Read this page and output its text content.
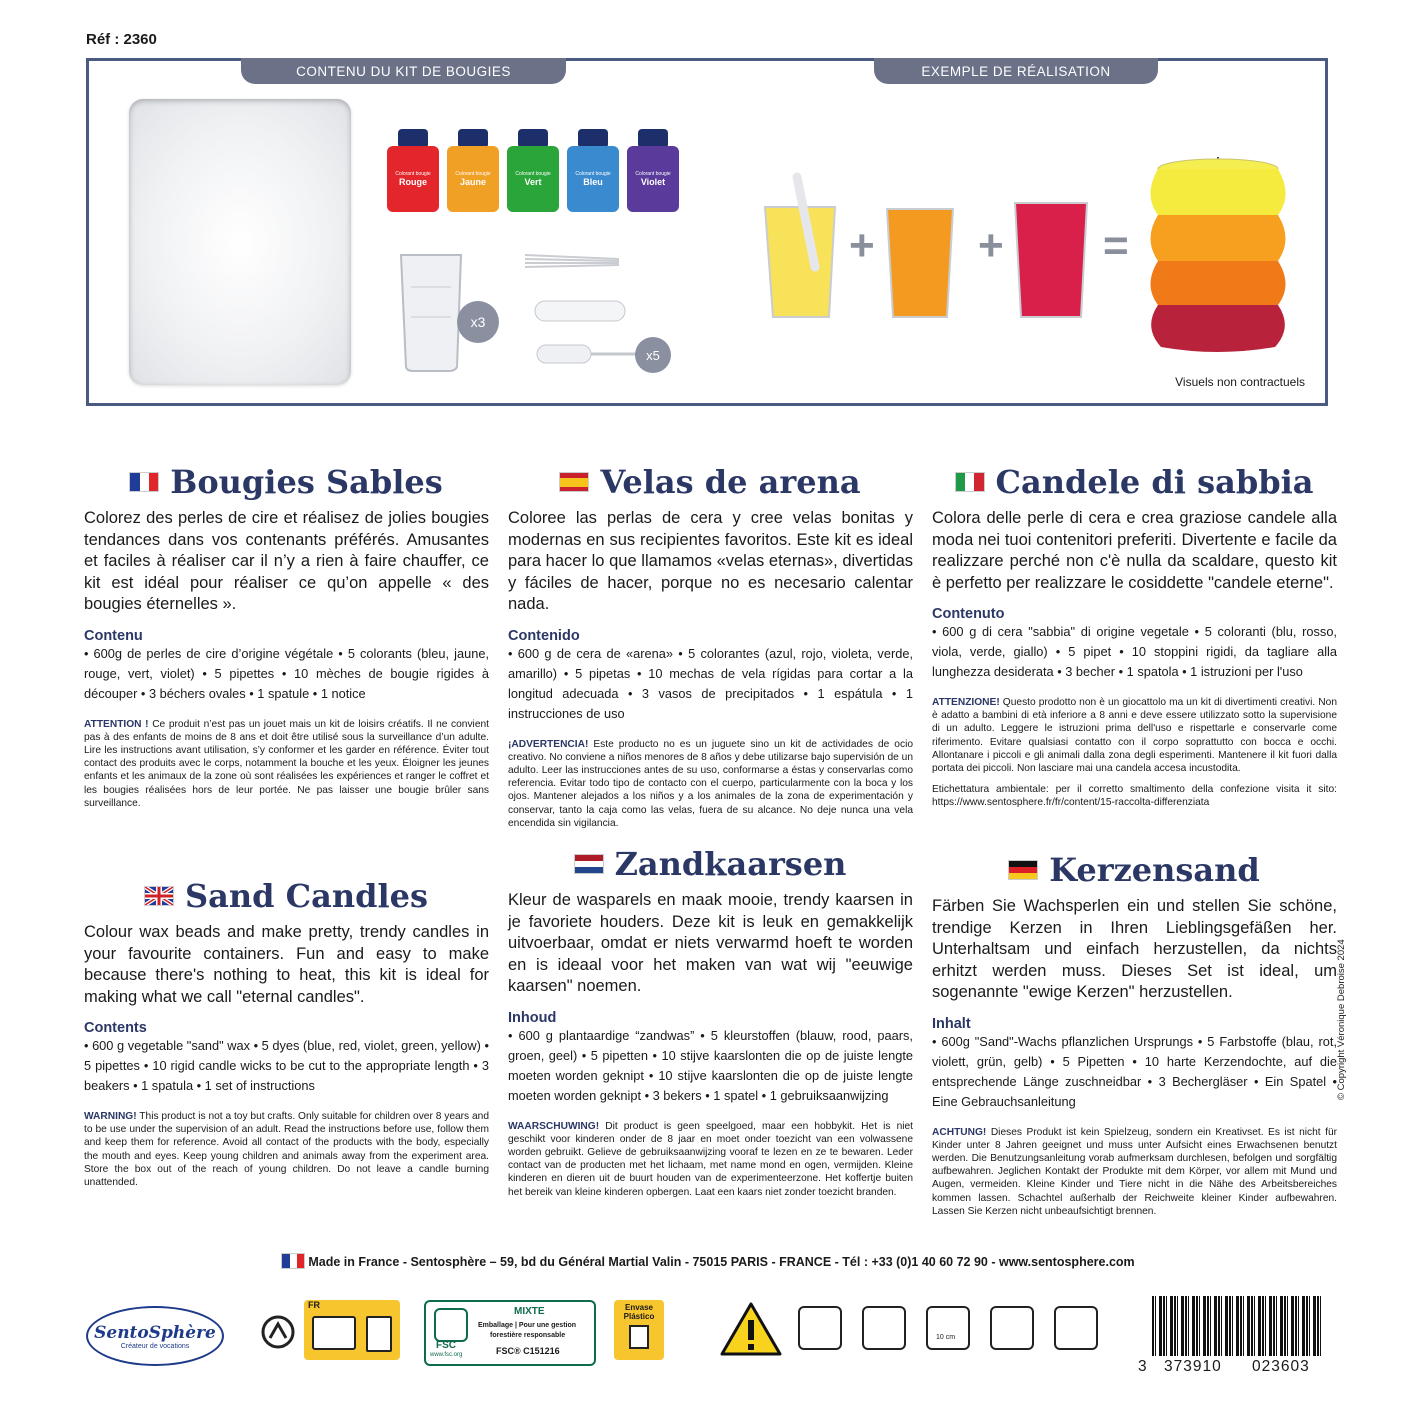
Réf : 2360
CONTENU DU KIT DE BOUGIES	EXEMPLE DE RÉALISATION
Colorant bougie
Rouge
Colorant bougie
Jaune
Colorant bougie
Vert
Colorant bougie
Bleu
Colorant bougie
Violet
x3
x5
+ + =
Visuels non contractuels
Bougies Sables
Colorez des perles de cire et réalisez de jolies bougies tendances dans vos contenants préférés. Amusantes et faciles à réaliser car il n’y a rien à faire chauffer, ce kit est idéal pour réaliser ce qu’on appelle « des bougies éternelles ».
Contenu
• 600g de perles de cire d’origine végétale • 5 colorants (bleu, jaune, rouge, vert, violet) • 5 pipettes • 10 mèches de bougie rigides à découper • 3 béchers ovales • 1 spatule • 1 notice
ATTENTION ! Ce produit n’est pas un jouet mais un kit de loisirs créatifs. Il ne convient pas à des enfants de moins de 8 ans et doit être utilisé sous la surveillance d’un adulte. Lire les instructions avant utilisation, s’y conformer et les garder en référence. Éviter tout contact des produits avec le corps, notamment la bouche et les yeux. Éloigner les jeunes enfants et les animaux de la zone où sont réalisées les expériences et ranger le coffret et les bougies réalisées hors de leur portée. Ne pas laisser une bougie brûler sans surveillance.
Sand Candles
Colour wax beads and make pretty, trendy candles in your favourite containers. Fun and easy to make because there's nothing to heat, this kit is ideal for making what we call "eternal candles".
Contents
• 600 g vegetable "sand" wax • 5 dyes (blue, red, violet, green, yellow) • 5 pipettes • 10 rigid candle wicks to be cut to the appropriate length • 3 beakers • 1 spatula • 1 set of instructions
WARNING! This product is not a toy but crafts. Only suitable for children over 8 years and to be use under the supervision of an adult. Read the instructions before use, follow them and keep them for reference. Avoid all contact of the products with the body, especially the mouth and eyes. Keep young children and animals away from the experiment area. Store the box out of the reach of young children. Do not leave a candle burning unattended.
Velas de arena
Coloree las perlas de cera y cree velas bonitas y modernas en sus recipientes favoritos. Este kit es ideal para hacer lo que llamamos «velas eternas», divertidas y fáciles de hacer, porque no es necesario calentar nada.
Contenido
• 600 g de cera de «arena» • 5 colorantes (azul, rojo, violeta, verde, amarillo) • 5 pipetas • 10 mechas de vela rígidas para cortar a la longitud adecuada • 3 vasos de precipitados • 1 espátula • 1 instrucciones de uso
¡ADVERTENCIA! Este producto no es un juguete sino un kit de actividades de ocio creativo. No conviene a niños menores de 8 años y debe utilizarse bajo supervisión de un adulto. Leer las instrucciones antes de su uso, conformarse a éstas y conservarlas como referencia. Evitar todo tipo de contacto con el cuerpo, particularmente con la boca y los ojos. Mantener alejados a los niños y a los animales de la zona de experimentación y conservar, tanto la caja como las velas, fuera de su alcance. No deje nunca una vela encendida sin vigilancia.
Zandkaarsen
Kleur de wasparels en maak mooie, trendy kaarsen in je favoriete houders. Deze kit is leuk en gemakkelijk uitvoerbaar, omdat er niets verwarmd hoeft te worden en is ideaal voor het maken van wat wij "eeuwige kaarsen" noemen.
Inhoud
• 600 g plantaardige “zandwas” • 5 kleurstoffen (blauw, rood, paars, groen, geel) • 5 pipetten • 10 stijve kaarslonten die op de juiste lengte moeten worden geknipt • 10 stijve kaarslonten die op de juiste lengte moeten worden geknipt • 3 bekers • 1 spatel • 1 gebruiksaanwijzing
WAARSCHUWING! Dit product is geen speelgoed, maar een hobbykit. Het is niet geschikt voor kinderen onder de 8 jaar en moet onder toezicht van een volwassene worden gebruikt. Gelieve de gebruiksaanwijzing vooraf te lezen en ze te bewaren. Leder contact van de producten met het lichaam, met name mond en ogen, vermijden. Kleine kinderen en dieren uit de buurt houden van de experimenteerzone. Het koffertje buiten het bereik van kleine kinderen opbergen. Laat een kaars niet zonder toezicht branden.
Candele di sabbia
Colora delle perle di cera e crea graziose candele alla moda nei tuoi contenitori preferiti. Divertente e facile da realizzare perché non c'è nulla da scaldare, questo kit è perfetto per realizzare le cosiddette "candele eterne".
Contenuto
• 600 g di cera "sabbia" di origine vegetale • 5 coloranti (blu, rosso, viola, verde, giallo) • 5 pipet • 10 stoppini rigidi, da tagliare alla lunghezza desiderata • 3 becher • 1 spatola • 1 istruzioni per l'uso
ATTENZIONE! Questo prodotto non è un giocattolo ma un kit di divertimenti creativi. Non è adatto a bambini di età inferiore a 8 anni e deve essere utilizzato sotto la supervisione di un adulto. Leggere le istruzioni prima dell'uso e rispettarle e conservarle come riferimento. Evitare qualsiasi contatto con il corpo soprattutto con bocca e occhi. Allontanare i piccoli e gli animali dalla zona degli esperimenti. Mantenere il kit fuori dalla portata dei piccoli. Non lasciare mai una candela accesa incustodita.
Etichettatura ambientale: per il corretto smaltimento della confezione visita it sito: https://www.sentosphere.fr/fr/content/15-raccolta-differenziata
Kerzensand
Färben Sie Wachsperlen ein und stellen Sie schöne, trendige Kerzen in Ihren Lieblingsgefäßen her. Unterhaltsam und einfach herzustellen, da nichts erhitzt werden muss. Dieses Set ist ideal, um sogenannte "ewige Kerzen" herzustellen.
Inhalt
• 600g "Sand"-Wachs pflanzlichen Ursprungs • 5 Farbstoffe (blau, rot, violett, grün, gelb) • 5 Pipetten • 10 harte Kerzendochte, auf die entsprechende Länge zuschneidbar • 3 Bechergläser • Ein Spatel • Eine Gebrauchsanleitung
ACHTUNG! Dieses Produkt ist kein Spielzeug, sondern ein Kreativset. Es ist nicht für Kinder unter 8 Jahren geeignet und muss unter Aufsicht eines Erwachsenen benutzt werden. Die Benutzungsanleitung vorab aufmerksam durchlesen, befolgen und sorgfältig aufbewahren. Jeglichen Kontakt der Produkte mit dem Körper, vor allem mit Mund und Augen, vermeiden. Kleine Kinder und Tiere nicht in die Nähe des Arbeitsbereiches kommen lassen. Schachtel außerhalb der Reichweite kleiner Kinder aufbewahren. Lassen Sie Kerzen nicht unbeaufsichtigt brennen.
© Copyright Véronique Debroise 2024
Made in France - Sentosphère – 59, bd du Général Martial Valin - 75015 PARIS - FRANCE - Tél : +33 (0)1 40 60 72 90 - www.sentosphere.com
SentoSphère
Créateur de vocations
FR
FSC
www.fsc.org
MIXTE
Emballage | Pour une gestion
forestière responsable
FSC® C151216
Envase
Plástico
10 cm
3 373910 023603
